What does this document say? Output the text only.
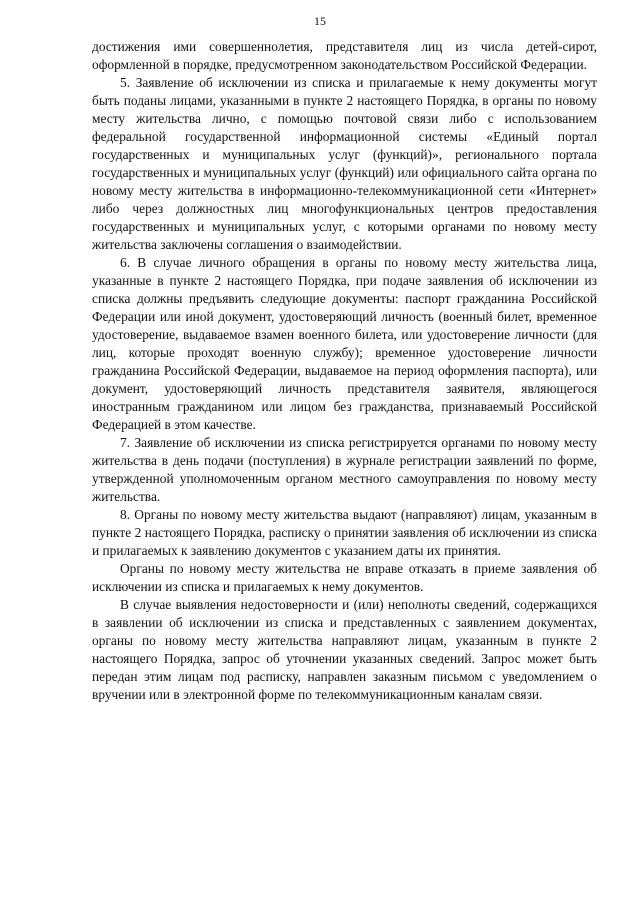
15

достижения ими совершеннолетия, представителя лиц из числа детей-сирот, оформленной в порядке, предусмотренном законодательством Российской Федерации.

5. Заявление об исключении из списка и прилагаемые к нему документы могут быть поданы лицами, указанными в пункте 2 настоящего Порядка, в органы по новому месту жительства лично, с помощью почтовой связи либо с использованием федеральной государственной информационной системы «Единый портал государственных и муниципальных услуг (функций)», регионального портала государственных и муниципальных услуг (функций) или официального сайта органа по новому месту жительства в информационно-телекоммуникационной сети «Интернет» либо через должностных лиц многофункциональных центров предоставления государственных и муниципальных услуг, с которыми органами по новому месту жительства заключены соглашения о взаимодействии.

6. В случае личного обращения в органы по новому месту жительства лица, указанные в пункте 2 настоящего Порядка, при подаче заявления об исключении из списка должны предъявить следующие документы: паспорт гражданина Российской Федерации или иной документ, удостоверяющий личность (военный билет, временное удостоверение, выдаваемое взамен военного билета, или удостоверение личности (для лиц, которые проходят военную службу); временное удостоверение личности гражданина Российской Федерации, выдаваемое на период оформления паспорта), или документ, удостоверяющий личность представителя заявителя, являющегося иностранным гражданином или лицом без гражданства, признаваемый Российской Федерацией в этом качестве.

7. Заявление об исключении из списка регистрируется органами по новому месту жительства в день подачи (поступления) в журнале регистрации заявлений по форме, утвержденной уполномоченным органом местного самоуправления по новому месту жительства.

8. Органы по новому месту жительства выдают (направляют) лицам, указанным в пункте 2 настоящего Порядка, расписку о принятии заявления об исключении из списка и прилагаемых к заявлению документов с указанием даты их принятия.

Органы по новому месту жительства не вправе отказать в приеме заявления об исключении из списка и прилагаемых к нему документов.

В случае выявления недостоверности и (или) неполноты сведений, содержащихся в заявлении об исключении из списка и представленных с заявлением документах, органы по новому месту жительства направляют лицам, указанным в пункте 2 настоящего Порядка, запрос об уточнении указанных сведений. Запрос может быть передан этим лицам под расписку, направлен заказным письмом с уведомлением о вручении или в электронной форме по телекоммуникационным каналам связи.
